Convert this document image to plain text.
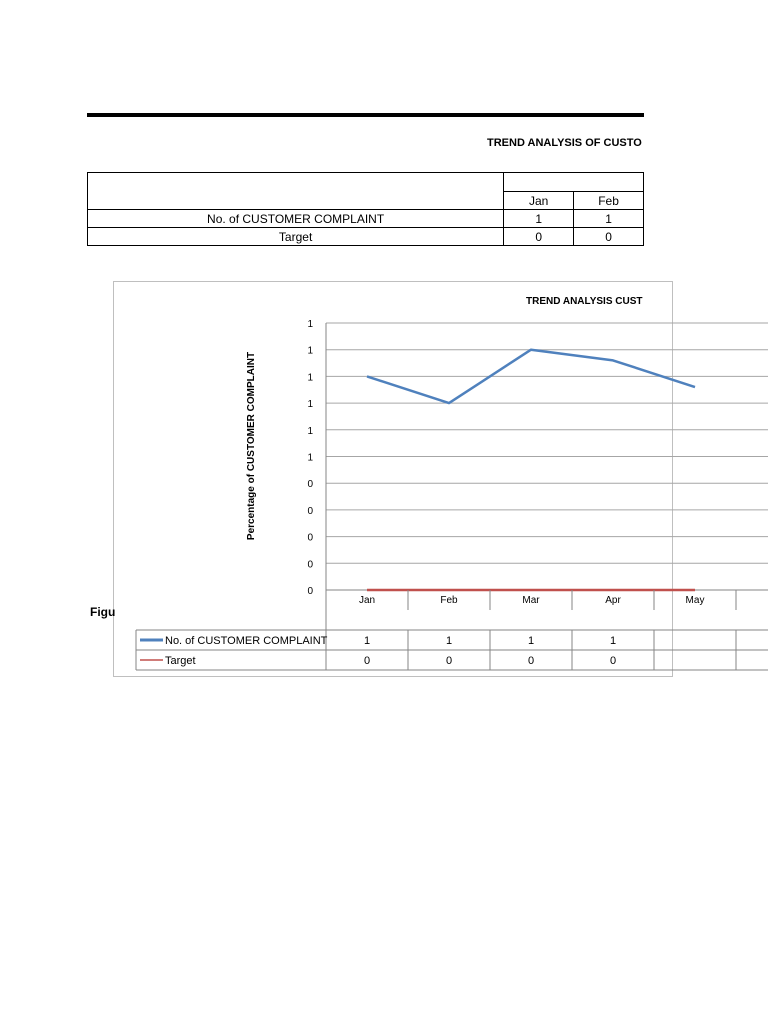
TREND ANALYSIS OF CUSTO

	Jan	Feb
No. of CUSTOMER COMPLAINT	1	1
Target	0	0
Figu
TREND ANALYSIS CUST
Percentage of CUSTOMER COMPLAINT
0
0
0
0
0
1
1
1
1
1
1
Jan	Feb	Mar	Apr	May
No. of CUSTOMER COMPLAINT	1	1	1	1
Target	0	0	0	0
